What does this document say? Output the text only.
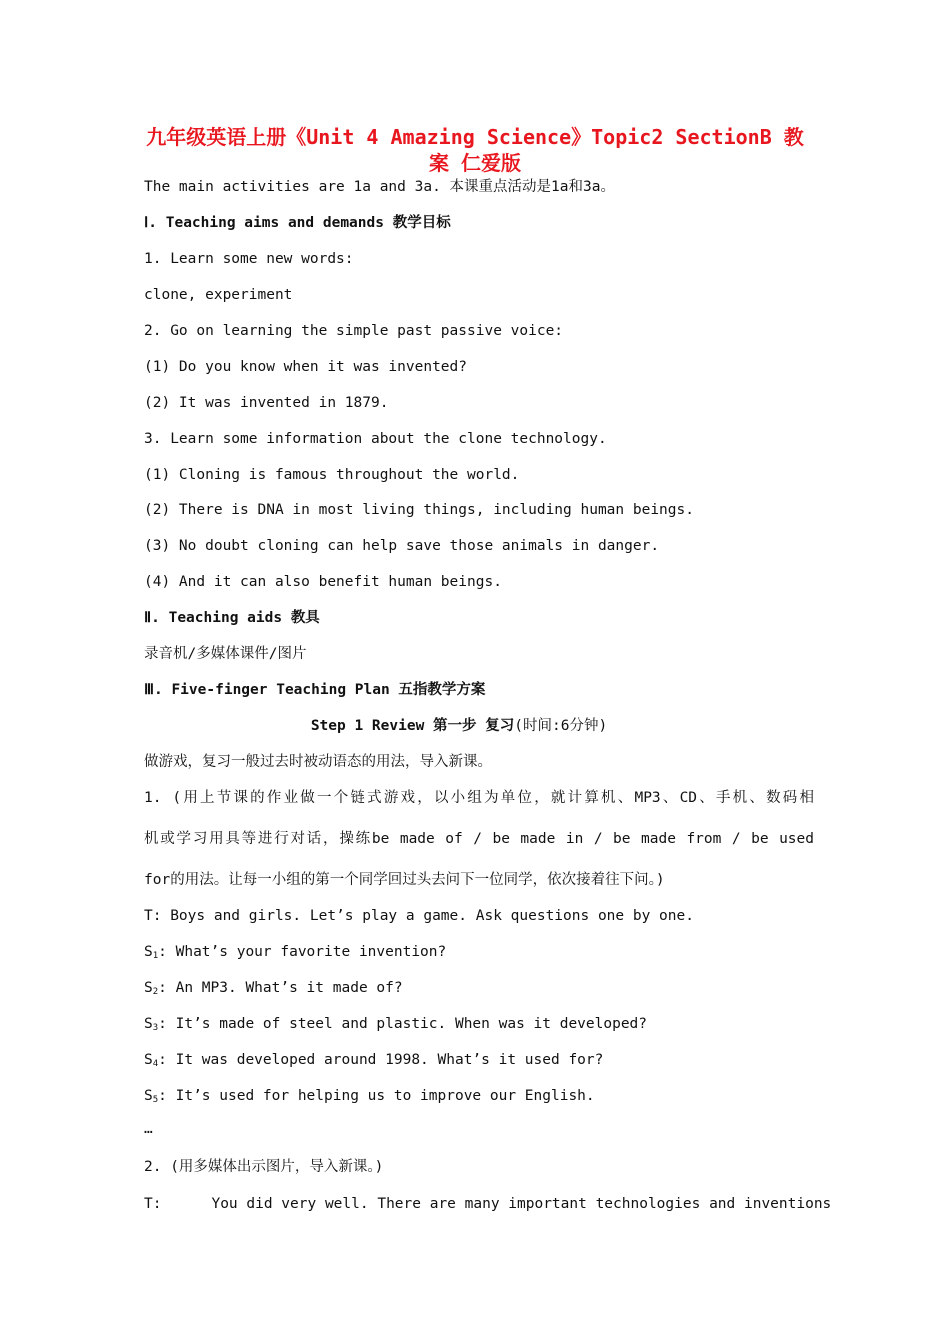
九年级英语上册《Unit 4 Amazing Science》Topic2 SectionB 教
案 仁爱版
The main activities are 1a and 3a. 本课重点活动是1a和3a。
Ⅰ. Teaching aims and demands 教学目标
1. Learn some new words:
clone, experiment
2. Go on learning the simple past passive voice:
(1) Do you know when it was invented?
(2) It was invented in 1879.
3. Learn some information about the clone technology.
(1) Cloning is famous throughout the world.
(2) There is DNA in most living things, including human beings.
(3) No doubt cloning can help save those animals in danger.
(4) And it can also benefit human beings.
Ⅱ. Teaching aids 教具
录音机/多媒体课件/图片
Ⅲ. Five-finger Teaching Plan 五指教学方案
Step 1 Review 第一步 复习(时间:6分钟)
做游戏，复习一般过去时被动语态的用法，导入新课。
1. (用上节课的作业做一个链式游戏，以小组为单位，就计算机、MP3、CD、手机、数码相
机或学习用具等进行对话，操练be made of / be made in / be made from / be used
for的用法。让每一小组的第一个同学回过头去问下一位同学，依次接着往下问。)
T: Boys and girls. Let’s play a game. Ask questions one by one.
$S_1$: What’s your favorite invention?
$S_2$: An MP3. What’s it made of?
$S_3$: It’s made of steel and plastic. When was it developed?
$S_4$: It was developed around 1998. What’s it used for?
$S_5$: It’s used for helping us to improve our English.
…
2. (用多媒体出示图片，导入新课。)
T:	You did very well. There are many important technologies and inventions
